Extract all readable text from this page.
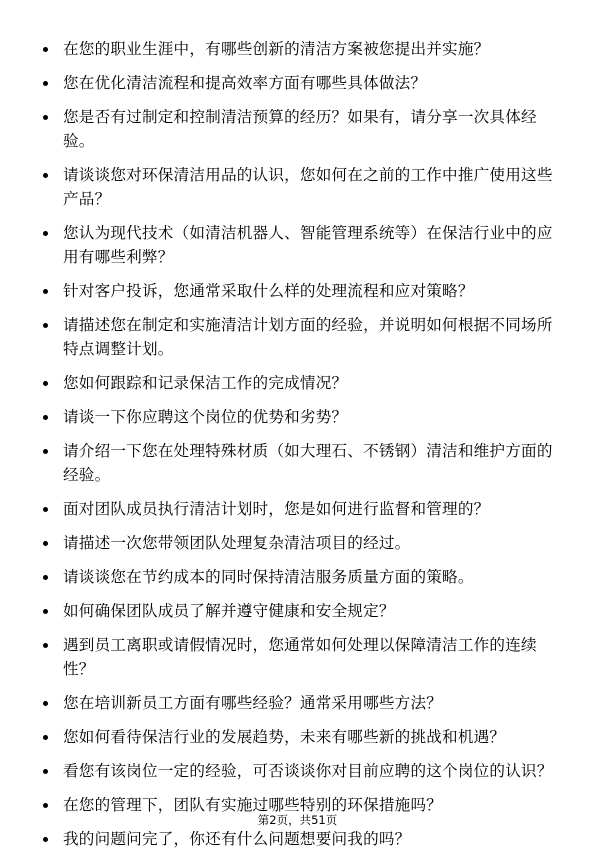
在您的职业生涯中，有哪些创新的清洁方案被您提出并实施？
您在优化清洁流程和提高效率方面有哪些具体做法？
您是否有过制定和控制清洁预算的经历？如果有，请分享一次具体经验。
请谈谈您对环保清洁用品的认识，您如何在之前的工作中推广使用这些产品？
您认为现代技术（如清洁机器人、智能管理系统等）在保洁行业中的应用有哪些利弊？
针对客户投诉，您通常采取什么样的处理流程和应对策略？
请描述您在制定和实施清洁计划方面的经验，并说明如何根据不同场所特点调整计划。
您如何跟踪和记录保洁工作的完成情况？
请谈一下你应聘这个岗位的优势和劣势？
请介绍一下您在处理特殊材质（如大理石、不锈钢）清洁和维护方面的经验。
面对团队成员执行清洁计划时，您是如何进行监督和管理的？
请描述一次您带领团队处理复杂清洁项目的经过。
请谈谈您在节约成本的同时保持清洁服务质量方面的策略。
如何确保团队成员了解并遵守健康和安全规定？
遇到员工离职或请假情况时，您通常如何处理以保障清洁工作的连续性？
您在培训新员工方面有哪些经验？通常采用哪些方法？
您如何看待保洁行业的发展趋势，未来有哪些新的挑战和机遇？
看您有该岗位一定的经验，可否谈谈你对目前应聘的这个岗位的认识？
在您的管理下，团队有实施过哪些特别的环保措施吗？
我的问题问完了，你还有什么问题想要问我的吗？
第2页，共51页
